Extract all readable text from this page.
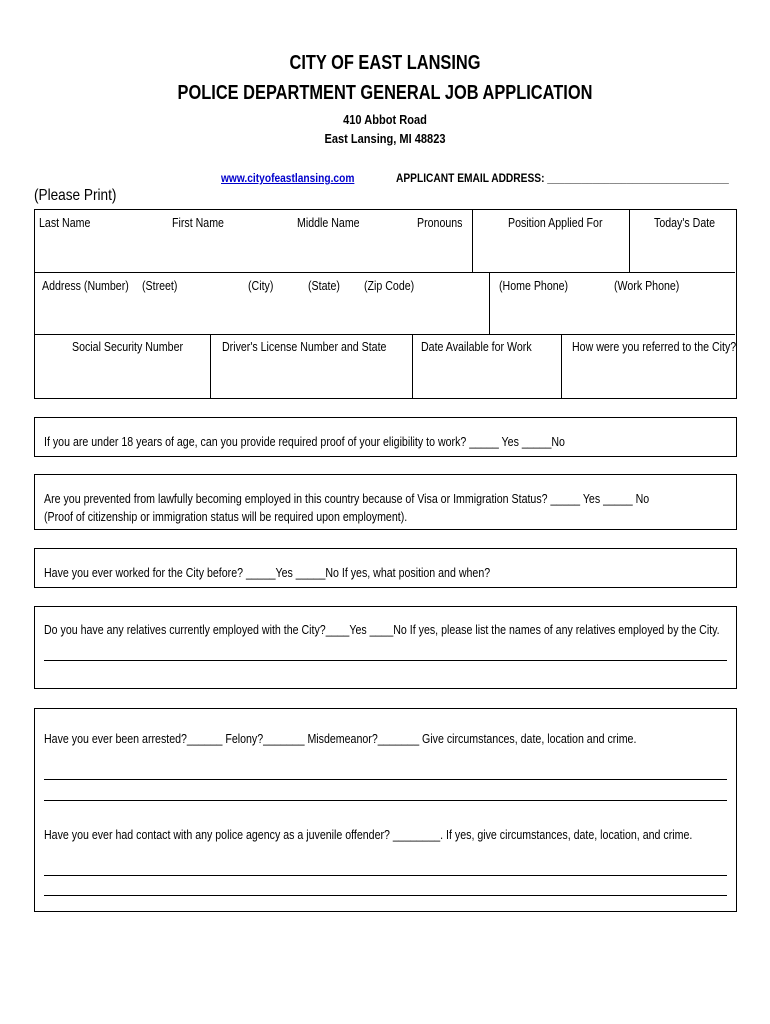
CITY OF EAST LANSING
POLICE DEPARTMENT GENERAL JOB APPLICATION
410 Abbot Road
East Lansing, MI 48823
www.cityofeastlansing.com	APPLICANT EMAIL ADDRESS: ________________________________
(Please Print)
Last Name	First Name	Middle Name	Pronouns	Position Applied For	Today's Date
Address (Number) (Street)	(City)	(State) (Zip Code)	(Home Phone)	(Work Phone)
Social Security Number	Driver's License Number and State	Date Available for Work	How were you referred to the City?
If you are under 18 years of age, can you provide required proof of your eligibility to work? _____ Yes _____No
Are you prevented from lawfully becoming employed in this country because of Visa or Immigration Status? _____ Yes _____ No
(Proof of citizenship or immigration status will be required upon employment).
Have you ever worked for the City before? _____Yes _____No If yes, what position and when?
Do you have any relatives currently employed with the City?____Yes ____No If yes, please list the names of any relatives employed by the City.
Have you ever been arrested?______ Felony?_______ Misdemeanor?_______ Give circumstances, date, location and crime.
Have you ever had contact with any police agency as a juvenile offender? ________. If yes, give circumstances, date, location, and crime.
